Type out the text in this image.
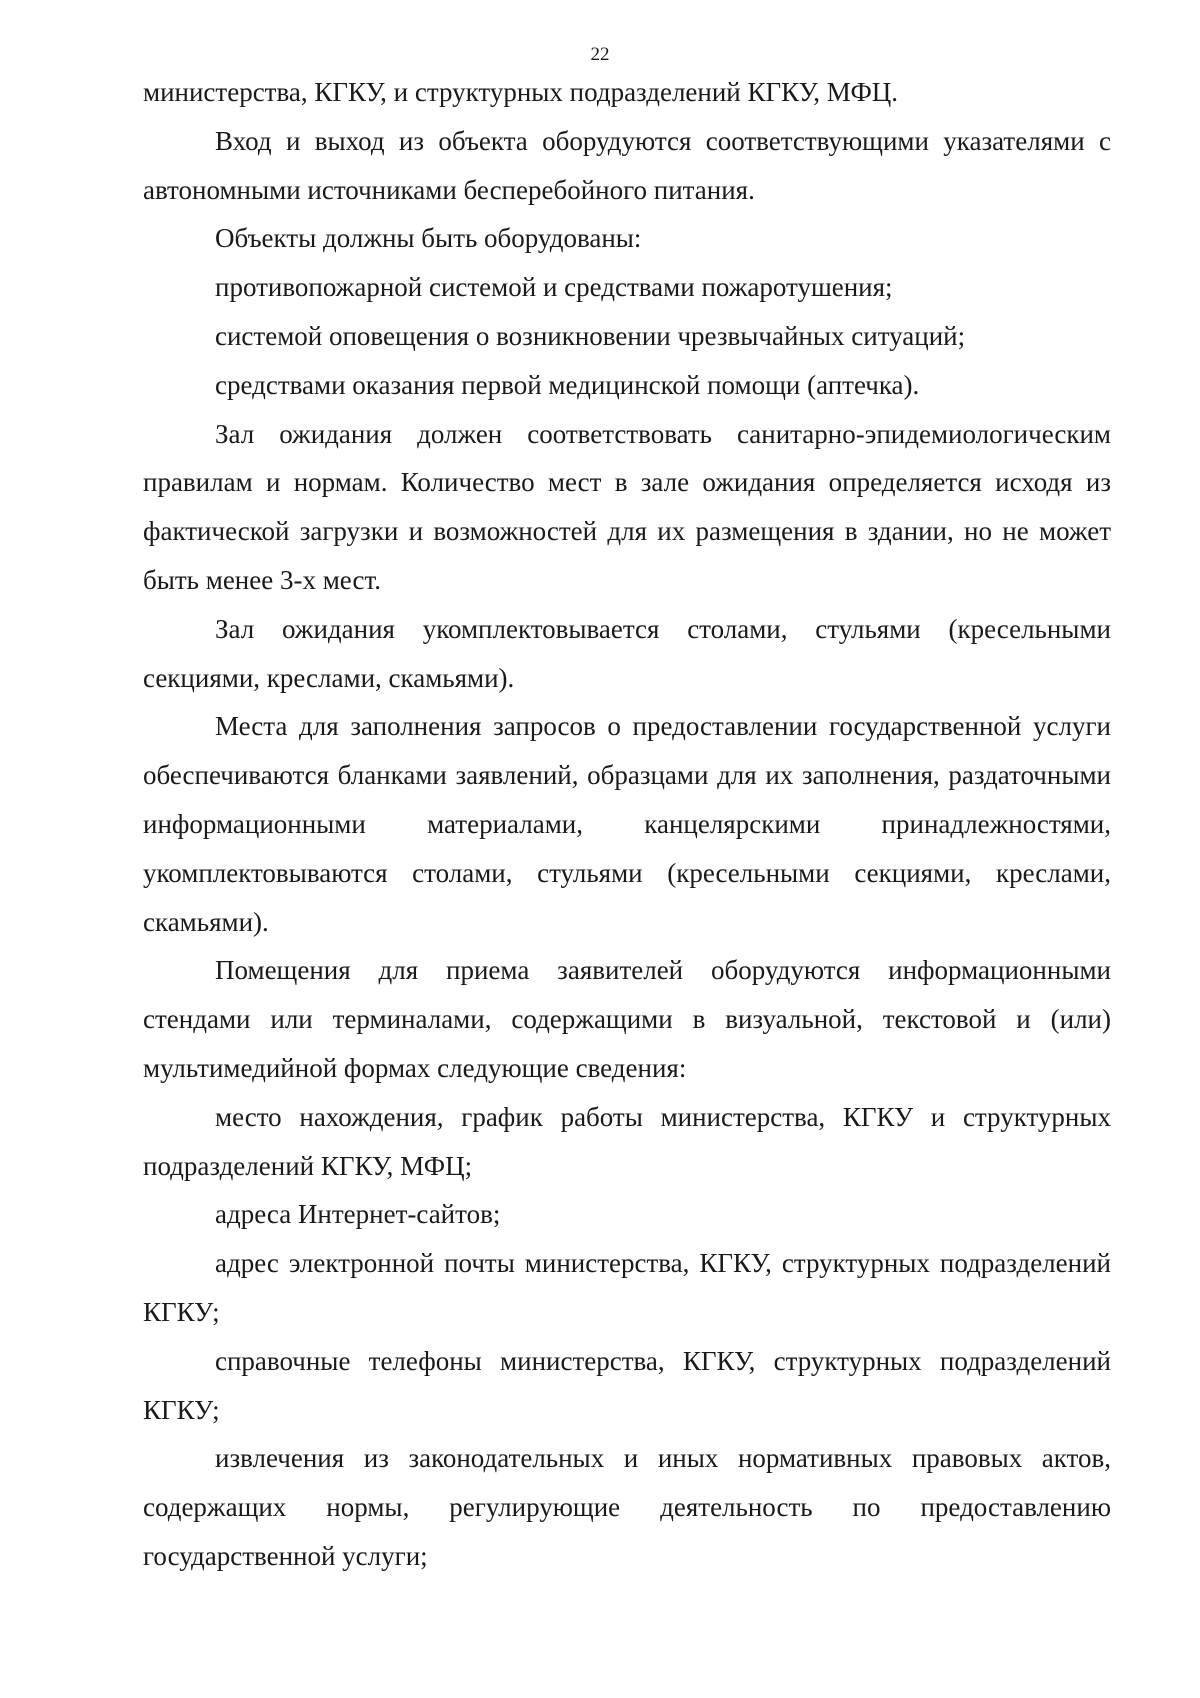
22

министерства, КГКУ, и структурных подразделений КГКУ, МФЦ.

Вход и выход из объекта оборудуются соответствующими указателями с автономными источниками бесперебойного питания.

Объекты должны быть оборудованы:

противопожарной системой и средствами пожаротушения;

системой оповещения о возникновении чрезвычайных ситуаций;

средствами оказания первой медицинской помощи (аптечка).

Зал ожидания должен соответствовать санитарно-эпидемиологическим правилам и нормам. Количество мест в зале ожидания определяется исходя из фактической загрузки и возможностей для их размещения в здании, но не может быть менее 3-х мест.

Зал ожидания укомплектовывается столами, стульями (кресельными секциями, креслами, скамьями).

Места для заполнения запросов о предоставлении государственной услуги обеспечиваются бланками заявлений, образцами для их заполнения, раздаточными информационными материалами, канцелярскими принадлежностями, укомплектовываются столами, стульями (кресельными секциями, креслами, скамьями).

Помещения для приема заявителей оборудуются информационными стендами или терминалами, содержащими в визуальной, текстовой и (или) мультимедийной формах следующие сведения:

место нахождения, график работы министерства, КГКУ и структурных подразделений КГКУ, МФЦ;

адреса Интернет-сайтов;

адрес электронной почты министерства, КГКУ, структурных подразделений КГКУ;

справочные телефоны министерства, КГКУ, структурных подразделений КГКУ;

извлечения из законодательных и иных нормативных правовых актов, содержащих нормы, регулирующие деятельность по предоставлению государственной услуги;
